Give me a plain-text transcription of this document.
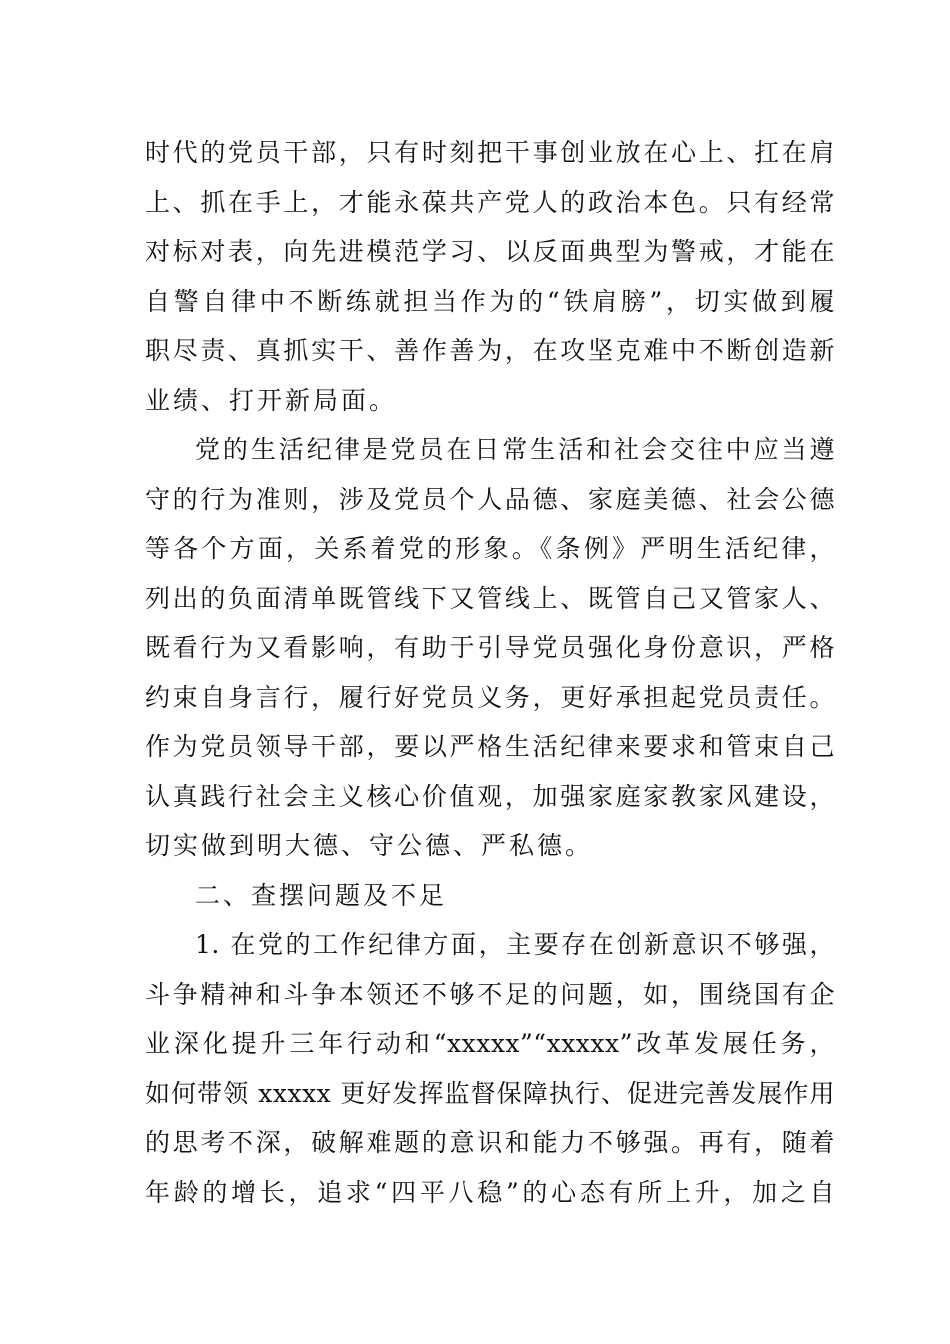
时代的党员干部，只有时刻把干事创业放在心上、扛在肩
上、抓在手上，才能永葆共产党人的政治本色。只有经常
对标对表，向先进模范学习、以反面典型为警戒，才能在
自警自律中不断练就担当作为的“铁肩膀”，切实做到履
职尽责、真抓实干、善作善为，在攻坚克难中不断创造新
业绩、打开新局面。
党的生活纪律是党员在日常生活和社会交往中应当遵
守的行为准则，涉及党员个人品德、家庭美德、社会公德
等各个方面，关系着党的形象。《条例》严明生活纪律，
列出的负面清单既管线下又管线上、既管自己又管家人、
既看行为又看影响，有助于引导党员强化身份意识，严格
约束自身言行，履行好党员义务，更好承担起党员责任。
作为党员领导干部，要以严格生活纪律来要求和管束自己
认真践行社会主义核心价值观，加强家庭家教家风建设，
切实做到明大德、守公德、严私德。
二、查摆问题及不足
1. 在党的工作纪律方面，主要存在创新意识不够强，
斗争精神和斗争本领还不够不足的问题，如，围绕国有企
业深化提升三年行动和“xxxxx”“xxxxx”改革发展任务，
如何带领 xxxxx 更好发挥监督保障执行、促进完善发展作用
的思考不深，破解难题的意识和能力不够强。再有，随着
年龄的增长，追求“四平八稳”的心态有所上升，加之自
